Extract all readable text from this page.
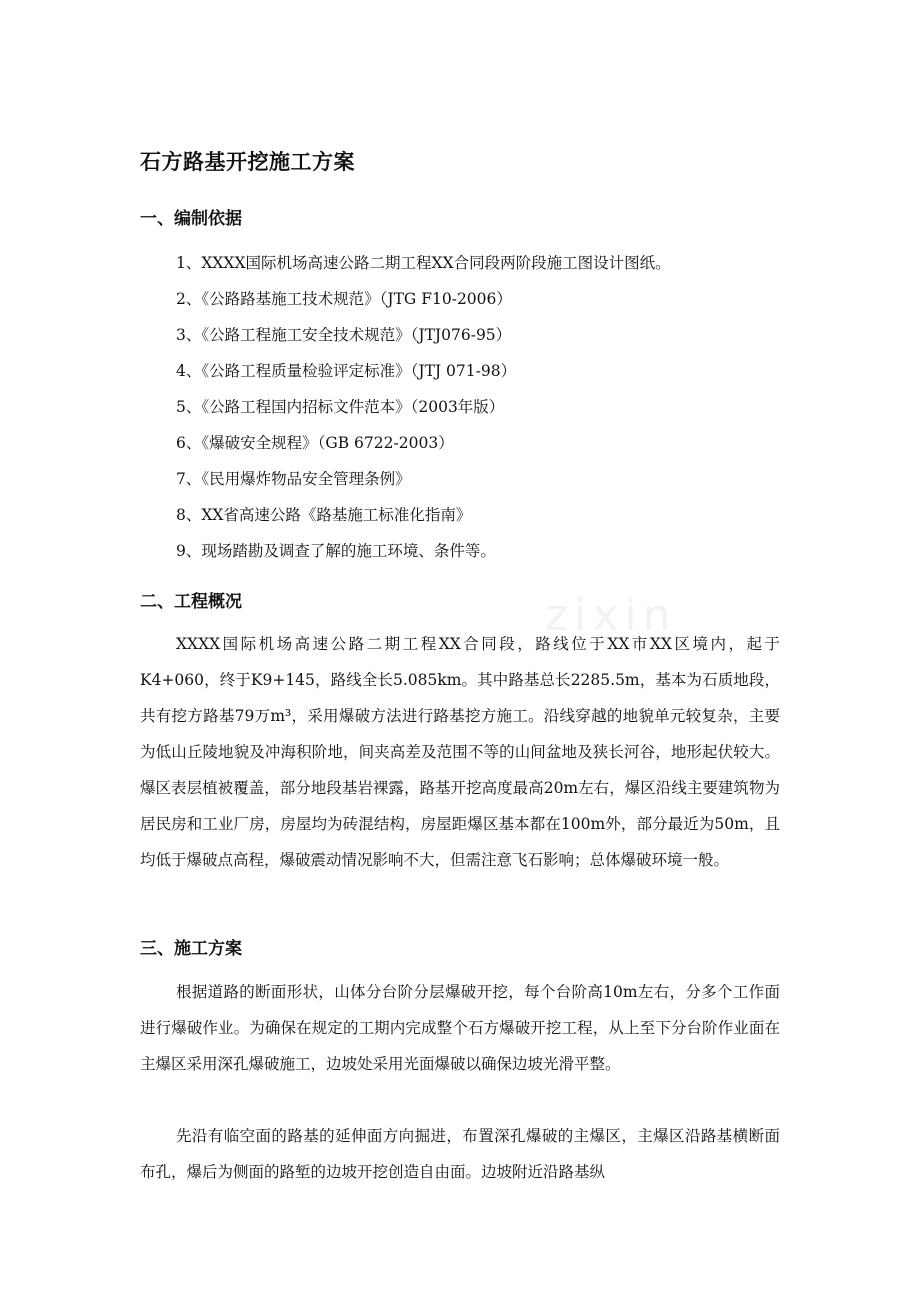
石方路基开挖施工方案
一、编制依据
1、XXXX国际机场高速公路二期工程XX合同段两阶段施工图设计图纸。
2、《公路路基施工技术规范》（JTG F10-2006）
3、《公路工程施工安全技术规范》（JTJ076-95）
4、《公路工程质量检验评定标准》（JTJ 071-98）
5、《公路工程国内招标文件范本》（2003年版）
6、《爆破安全规程》（GB 6722-2003）
7、《民用爆炸物品安全管理条例》
8、XX省高速公路《路基施工标准化指南》
9、现场踏勘及调查了解的施工环境、条件等。
二、工程概况
XXXX国际机场高速公路二期工程XX合同段，路线位于XX市XX区境内，起于K4+060，终于K9+145，路线全长5.085km。其中路基总长2285.5m，基本为石质地段，共有挖方路基79万m³，采用爆破方法进行路基挖方施工。沿线穿越的地貌单元较复杂，主要为低山丘陵地貌及冲海积阶地，间夹高差及范围不等的山间盆地及狭长河谷，地形起伏较大。爆区表层植被覆盖，部分地段基岩裸露，路基开挖高度最高20m左右，爆区沿线主要建筑物为居民房和工业厂房，房屋均为砖混结构，房屋距爆区基本都在100m外，部分最近为50m，且均低于爆破点高程，爆破震动情况影响不大，但需注意飞石影响；总体爆破环境一般。
三、施工方案
根据道路的断面形状，山体分台阶分层爆破开挖，每个台阶高10m左右，分多个工作面进行爆破作业。为确保在规定的工期内完成整个石方爆破开挖工程，从上至下分台阶作业面在主爆区采用深孔爆破施工，边坡处采用光面爆破以确保边坡光滑平整。
先沿有临空面的路基的延伸面方向掘进，布置深孔爆破的主爆区，主爆区沿路基横断面布孔，爆后为侧面的路堑的边坡开挖创造自由面。边坡附近沿路基纵
zixin
